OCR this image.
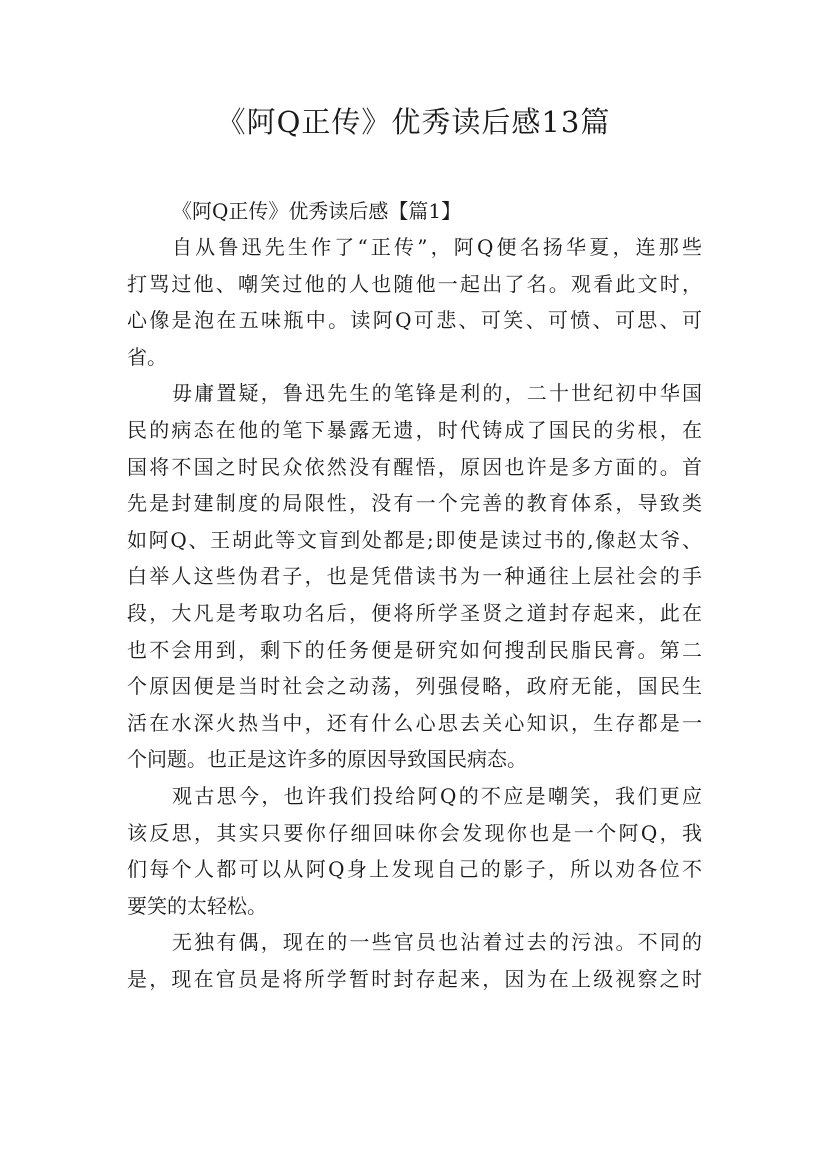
《阿Q正传》优秀读后感13篇
《阿Q正传》优秀读后感【篇1】
自从鲁迅先生作了“正传”，阿Q便名扬华夏，连那些
打骂过他、嘲笑过他的人也随他一起出了名。观看此文时，
心像是泡在五味瓶中。读阿Q可悲、可笑、可愤、可思、可
省。
毋庸置疑，鲁迅先生的笔锋是利的，二十世纪初中华国
民的病态在他的笔下暴露无遗，时代铸成了国民的劣根，在
国将不国之时民众依然没有醒悟，原因也许是多方面的。首
先是封建制度的局限性，没有一个完善的教育体系，导致类
如阿Q、王胡此等文盲到处都是;即使是读过书的,像赵太爷、
白举人这些伪君子，也是凭借读书为一种通往上层社会的手
段，大凡是考取功名后，便将所学圣贤之道封存起来，此在
也不会用到，剩下的任务便是研究如何搜刮民脂民膏。第二
个原因便是当时社会之动荡，列强侵略，政府无能，国民生
活在水深火热当中，还有什么心思去关心知识，生存都是一
个问题。也正是这许多的原因导致国民病态。
观古思今，也许我们投给阿Q的不应是嘲笑，我们更应
该反思，其实只要你仔细回味你会发现你也是一个阿Q，我
们每个人都可以从阿Q身上发现自己的影子，所以劝各位不
要笑的太轻松。
无独有偶，现在的一些官员也沾着过去的污浊。不同的
是，现在官员是将所学暂时封存起来，因为在上级视察之时
